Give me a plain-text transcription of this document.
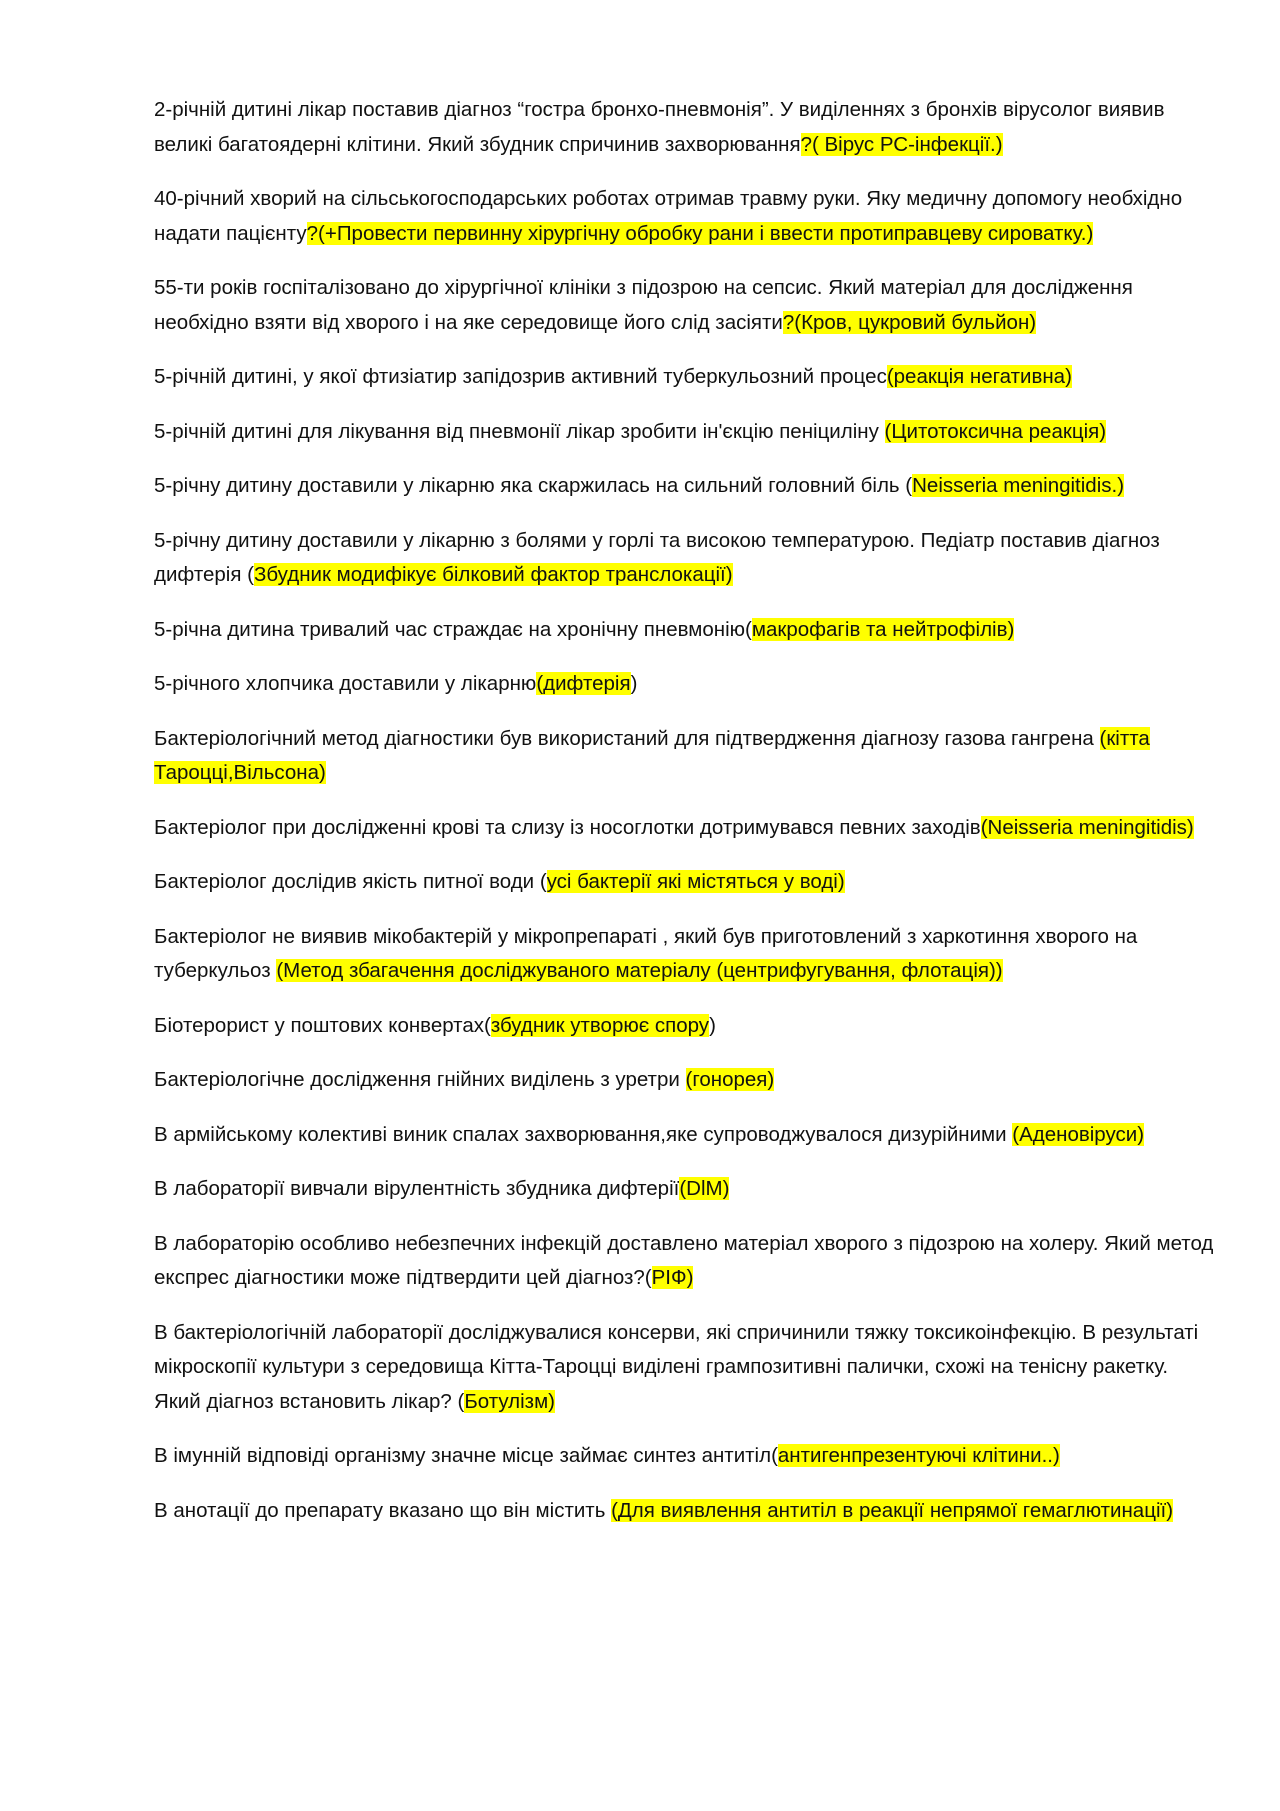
2-річній дитині лікар поставив діагноз “гостра бронхо-пневмонія”. У виділеннях з бронхів вірусолог виявив великі багатоядерні клітини. Який збудник спричинив захворювання?( Вірус РС-інфекції.)

40-річний хворий на сільськогосподарських роботах отримав травму руки. Яку медичну допомогу необхідно надати пацієнту?(+Провести первинну хірургічну обробку рани і ввести протиправцеву сироватку.)

55-ти років госпіталізовано до хірургічної клініки з підозрою на сепсис. Який матеріал для дослідження необхідно взяти від хворого і на яке середовище його слід засіяти?(Кров, цукровий бульйон)

5-річній дитині, у якої фтизіатир запідозрив активний туберкульозний процес(реакція негативна)

5-річній дитині для лікування від пневмонії лікар зробити ін'єкцію пеніциліну (Цитотоксична реакція)

5-річну дитину доставили у лікарню яка скаржилась на сильний головний біль (Neisseria meningitidis.)

5-річну дитину доставили у лікарню з болями у горлі та високою температурою. Педіатр поставив діагноз дифтерія (Збудник модифікує білковий фактор транслокації)

5-річна дитина тривалий час страждає на хронічну пневмонію(макрофагів та нейтрофілів)

5-річного хлопчика доставили у лікарню(дифтерія)

Бактеріологічний метод діагностики був використаний для підтвердження діагнозу газова гангрена (кітта Тароцці,Вільсона)

Бактеріолог при дослідженні крові та слизу із носоглотки дотримувався певних заходів(Neisseria meningitidis)

Бактеріолог дослідив якість питної води (усі бактерії які містяться у воді)

Бактеріолог не виявив мікобактерій у мікропрепараті , який був приготовлений з харкотиння хворого на туберкульоз (Метод збагачення досліджуваного матеріалу (центрифугування, флотація))

Біотерорист у поштових конвертах(збудник утворює спору)

Бактеріологічне дослідження гнійних виділень з уретри (гонорея)

В армійському колективі виник спалах захворювання,яке супроводжувалося дизурійними (Аденовіруси)

В лабораторії вивчали вірулентність збудника дифтерії(DlM)

В лабораторію особливо небезпечних інфекцій доставлено матеріал хворого з підозрою на холеру. Який метод експрес діагностики може підтвердити цей діагноз?(РІФ)

В бактеріологічній лабораторії досліджувалися консерви, які спричинили тяжку токсикоінфекцію. В результаті мікроскопії культури з середовища Кітта-Тароцці виділені грампозитивні палички, схожі на тенісну ракетку. Який діагноз встановить лікар? (Ботулізм)

В імунній відповіді організму значне місце займає синтез антитіл(антигенпрезентуючі клітини..)

В анотації до препарату вказано що він містить (Для виявлення антитіл в реакції непрямої гемаглютинації)
